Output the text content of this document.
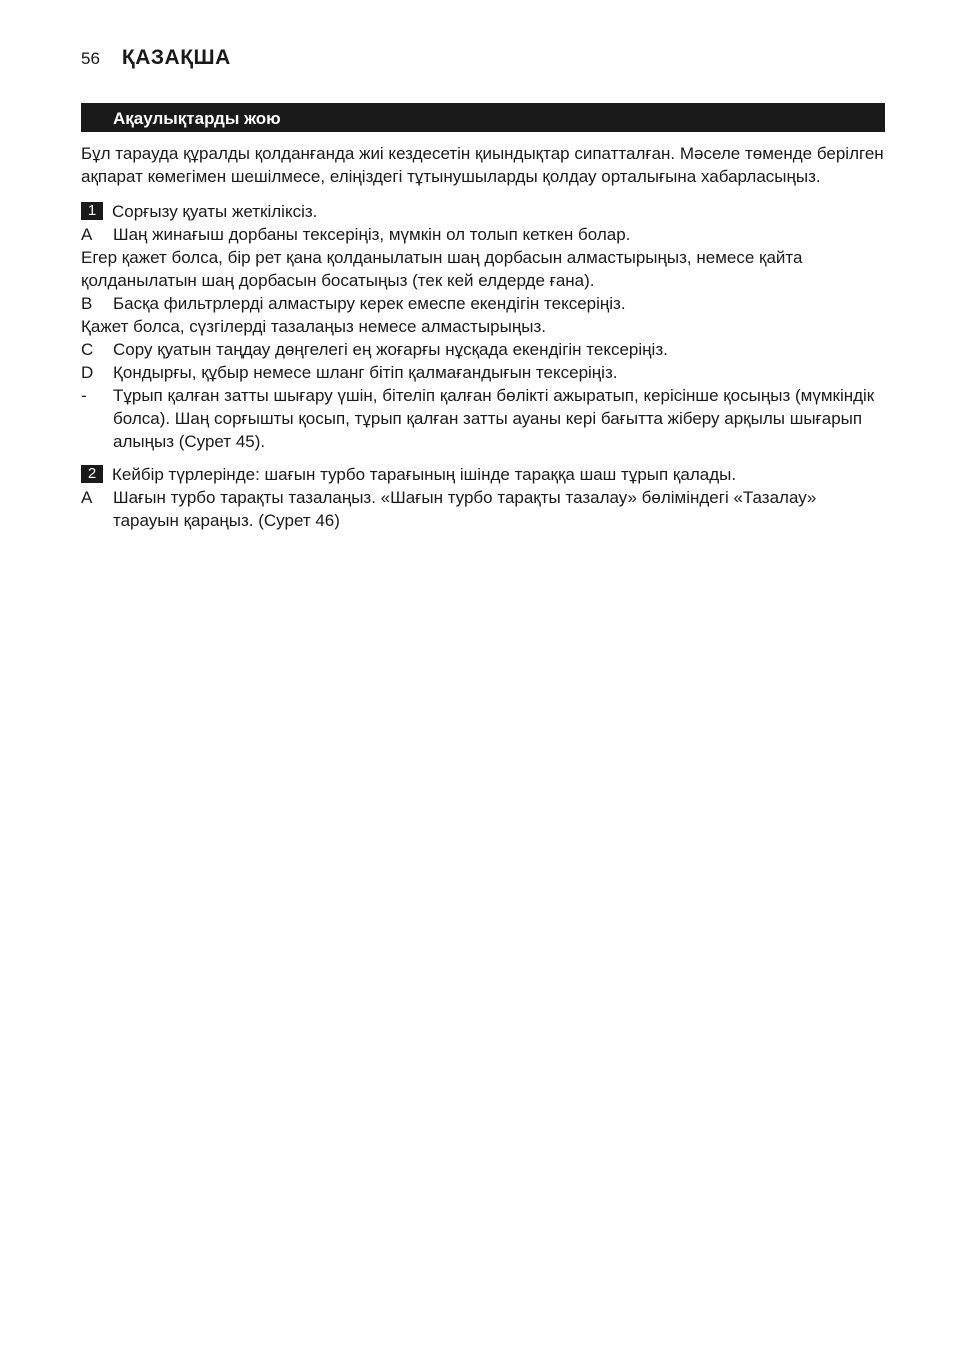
56 ҚАЗАҚША
Ақаулықтарды жою

Бұл тарауда құралды қолданғанда жиі кездесетін қиындықтар сипатталған. Мәселе төменде берілген ақпарат көмегімен шешілмесе, еліңіздегі тұтынушыларды қолдау орталығына хабарласыңыз.

1 Сорғызу қуаты жеткіліксіз.
A	Шаң жинағыш дорбаны тексеріңіз, мүмкін ол толып кеткен болар.
Егер қажет болса, бір рет қана қолданылатын шаң дорбасын алмастырыңыз, немесе қайта қолданылатын шаң дорбасын босатыңыз (тек кей елдерде ғана).
B	Басқа фильтрлерді алмастыру керек емеспе екендігін тексеріңіз.
Қажет болса, сүзгілерді тазалаңыз немесе алмастырыңыз.
C	Сору қуатын таңдау дөңгелегі ең жоғарғы нұсқада екендігін тексеріңіз.
D	Қондырғы, құбыр немесе шланг бітіп қалмағандығын тексеріңіз.
-	Тұрып қалған затты шығару үшін, бітеліп қалған бөлікті ажыратып, керісінше қосыңыз (мүмкіндік болса). Шаң сорғышты қосып, тұрып қалған затты ауаны кері бағытта жіберу арқылы шығарып алыңыз (Сурет 45).
2 Кейбір түрлерінде: шағын турбо тарағының ішінде тараққа шаш тұрып қалады.
A	Шағын турбо тарақты тазалаңыз. «Шағын турбо тарақты тазалау» бөліміндегі «Тазалау» тарауын қараңыз. (Сурет 46)
